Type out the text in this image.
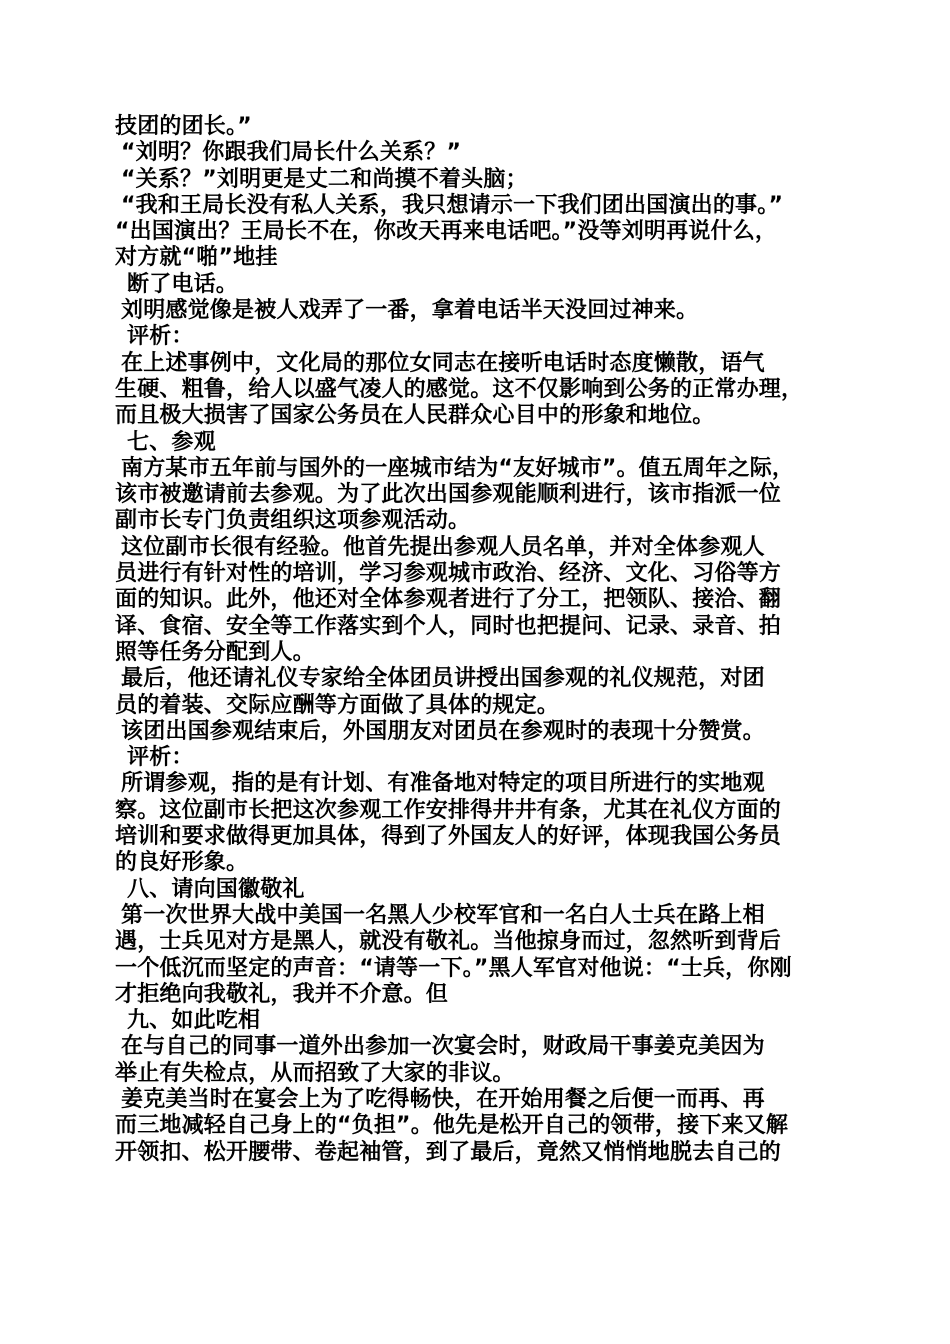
技团的团长。”
“刘明？你跟我们局长什么关系？”
“关系？”刘明更是丈二和尚摸不着头脑；
“我和王局长没有私人关系，我只想请示一下我们团出国演出的事。”
“出国演出？王局长不在，你改天再来电话吧。”没等刘明再说什么，
对方就“啪”地挂
断了电话。
刘明感觉像是被人戏弄了一番，拿着电话半天没回过神来。
评析：
在上述事例中，文化局的那位女同志在接听电话时态度懒散，语气
生硬、粗鲁，给人以盛气凌人的感觉。这不仅影响到公务的正常办理，
而且极大损害了国家公务员在人民群众心目中的形象和地位。
七、参观
南方某市五年前与国外的一座城市结为“友好城市”。值五周年之际，
该市被邀请前去参观。为了此次出国参观能顺利进行，该市指派一位
副市长专门负责组织这项参观活动。
这位副市长很有经验。他首先提出参观人员名单，并对全体参观人
员进行有针对性的培训，学习参观城市政治、经济、文化、习俗等方
面的知识。此外，他还对全体参观者进行了分工，把领队、接洽、翻
译、食宿、安全等工作落实到个人，同时也把提问、记录、录音、拍
照等任务分配到人。
最后，他还请礼仪专家给全体团员讲授出国参观的礼仪规范，对团
员的着装、交际应酬等方面做了具体的规定。
该团出国参观结束后，外国朋友对团员在参观时的表现十分赞赏。
评析：
所谓参观，指的是有计划、有准备地对特定的项目所进行的实地观
察。这位副市长把这次参观工作安排得井井有条，尤其在礼仪方面的
培训和要求做得更加具体，得到了外国友人的好评，体现我国公务员
的良好形象。
八、请向国徽敬礼
第一次世界大战中美国一名黑人少校军官和一名白人士兵在路上相
遇，士兵见对方是黑人，就没有敬礼。当他掠身而过，忽然听到背后
一个低沉而坚定的声音：“请等一下。”黑人军官对他说：“士兵，你刚
才拒绝向我敬礼，我并不介意。但
九、如此吃相
在与自己的同事一道外出参加一次宴会时，财政局干事姜克美因为
举止有失检点，从而招致了大家的非议。
姜克美当时在宴会上为了吃得畅快，在开始用餐之后便一而再、再
而三地减轻自己身上的“负担”。他先是松开自己的领带，接下来又解
开领扣、松开腰带、卷起袖管，到了最后，竟然又悄悄地脱去自己的
